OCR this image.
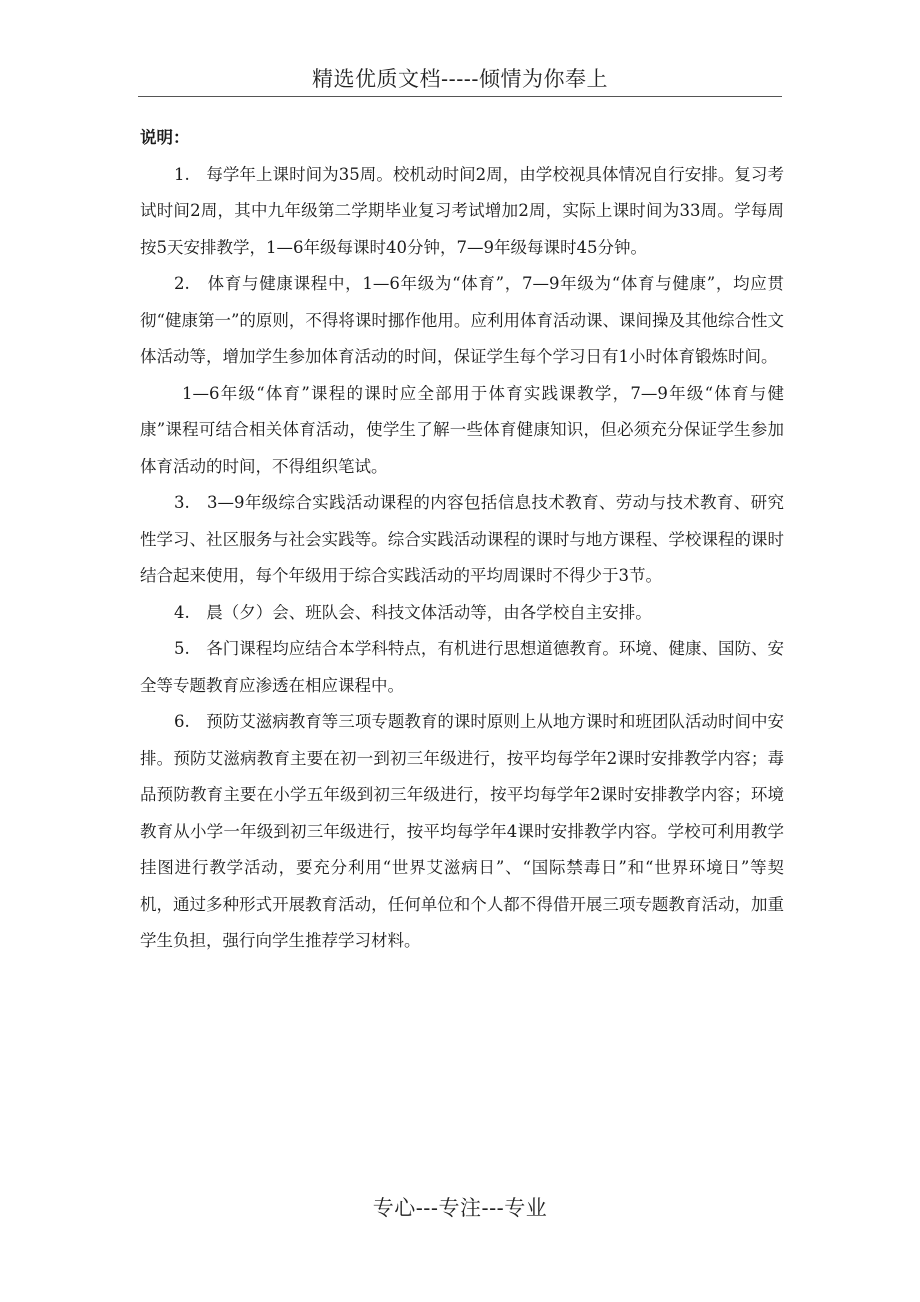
精选优质文档-----倾情为你奉上

说明：

1.　每学年上课时间为35周。校机动时间2周，由学校视具体情况自行安排。复习考试时间2周，其中九年级第二学期毕业复习考试增加2周，实际上课时间为33周。学每周按5天安排教学，1—6年级每课时40分钟，7—9年级每课时45分钟。

2.　体育与健康课程中，1—6年级为“体育”，7—9年级为“体育与健康”，均应贯彻“健康第一”的原则，不得将课时挪作他用。应利用体育活动课、课间操及其他综合性文体活动等，增加学生参加体育活动的时间，保证学生每个学习日有1小时体育锻炼时间。

1—6年级“体育”课程的课时应全部用于体育实践课教学，7—9年级“体育与健康”课程可结合相关体育活动，使学生了解一些体育健康知识，但必须充分保证学生参加体育活动的时间，不得组织笔试。

3.　3—9年级综合实践活动课程的内容包括信息技术教育、劳动与技术教育、研究性学习、社区服务与社会实践等。综合实践活动课程的课时与地方课程、学校课程的课时结合起来使用，每个年级用于综合实践活动的平均周课时不得少于3节。

4.　晨（夕）会、班队会、科技文体活动等，由各学校自主安排。

5.　各门课程均应结合本学科特点，有机进行思想道德教育。环境、健康、国防、安全等专题教育应渗透在相应课程中。

6.　预防艾滋病教育等三项专题教育的课时原则上从地方课时和班团队活动时间中安排。预防艾滋病教育主要在初一到初三年级进行，按平均每学年2课时安排教学内容；毒品预防教育主要在小学五年级到初三年级进行，按平均每学年2课时安排教学内容；环境教育从小学一年级到初三年级进行，按平均每学年4课时安排教学内容。学校可利用教学挂图进行教学活动，要充分利用“世界艾滋病日”、“国际禁毒日”和“世界环境日”等契机，通过多种形式开展教育活动，任何单位和个人都不得借开展三项专题教育活动，加重学生负担，强行向学生推荐学习材料。

专心---专注---专业
